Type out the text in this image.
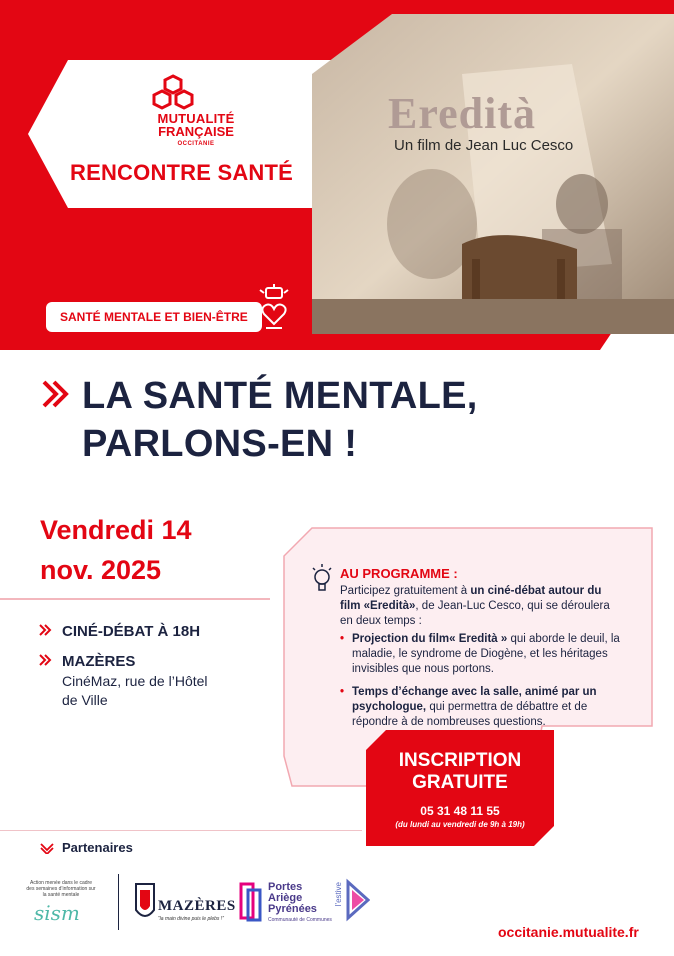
MUTUALITÉ
FRANÇAISE
OCCITANIE
RENCONTRE SANTÉ
Eredità
Un film de Jean Luc Cesco
SANTÉ MENTALE ET BIEN-ÊTRE
LA SANTÉ MENTALE,
PARLONS-EN !
Vendredi 14
nov. 2025
CINÉ-DÉBAT À 18H
MAZÈRES
CinéMaz, rue de l’Hôtel
de Ville
AU PROGRAMME :
Participez gratuitement à un ciné-débat autour du film «Eredità», de Jean-Luc Cesco, qui se déroulera en deux temps :
• Projection du film« Eredità » qui aborde le deuil, la maladie, le syndrome de Diogène, et les héritages invisibles que nous portons.
• Temps d’échange avec la salle, animé par un psychologue, qui permettra de débattre et de répondre à de nombreuses questions.
INSCRIPTION
GRATUITE
05 31 48 11 55
(du lundi au vendredi de 9h à 19h)
Partenaires
Action menée dans le cadre des semaines d’information sur la santé mentale
sism	MAZÈRES
“la main divine puis le plebs !”
Portes
Ariège
Pyrénées
Communauté de Communes
l’estive
occitanie.mutualite.fr
